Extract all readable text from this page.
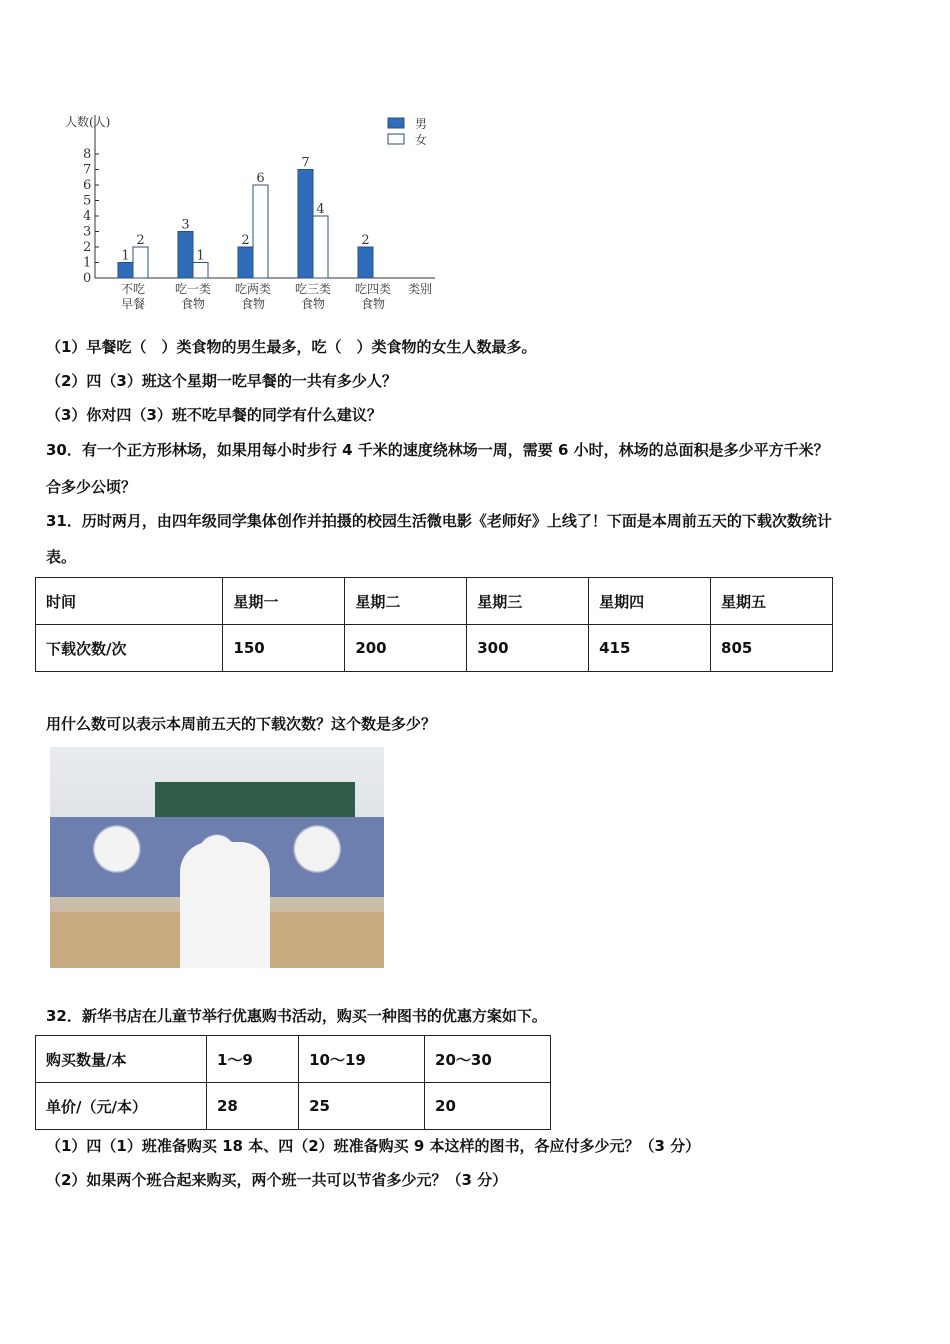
人数(人)
类别
0
1
2
3
4
5
6
7
8
不吃
早餐
1
2
吃一类
食物
3
1
吃两类
食物
2
6
吃三类
食物
7
4
吃四类
食物
2
男
女
（1）早餐吃（　）类食物的男生最多，吃（　）类食物的女生人数最多。
（2）四（3）班这个星期一吃早餐的一共有多少人？
（3）你对四（3）班不吃早餐的同学有什么建议？
30．有一个正方形林场，如果用每小时步行 4 千米的速度绕林场一周，需要 6 小时，林场的总面积是多少平方千米？
合多少公顷？
31．历时两月，由四年级同学集体创作并拍摄的校园生活微电影《老师好》上线了！下面是本周前五天的下载次数统计
表。
时间	星期一	星期二	星期三	星期四	星期五
下载次数/次	150	200	300	415	805
用什么数可以表示本周前五天的下载次数？这个数是多少？
32．新华书店在儿童节举行优惠购书活动，购买一种图书的优惠方案如下。
购买数量/本	1～9	10～19	20～30
单价/（元/本）	28	25	20
（1）四（1）班准备购买 18 本、四（2）班准备购买 9 本这样的图书，各应付多少元？（3 分）
（2）如果两个班合起来购买，两个班一共可以节省多少元？（3 分）
